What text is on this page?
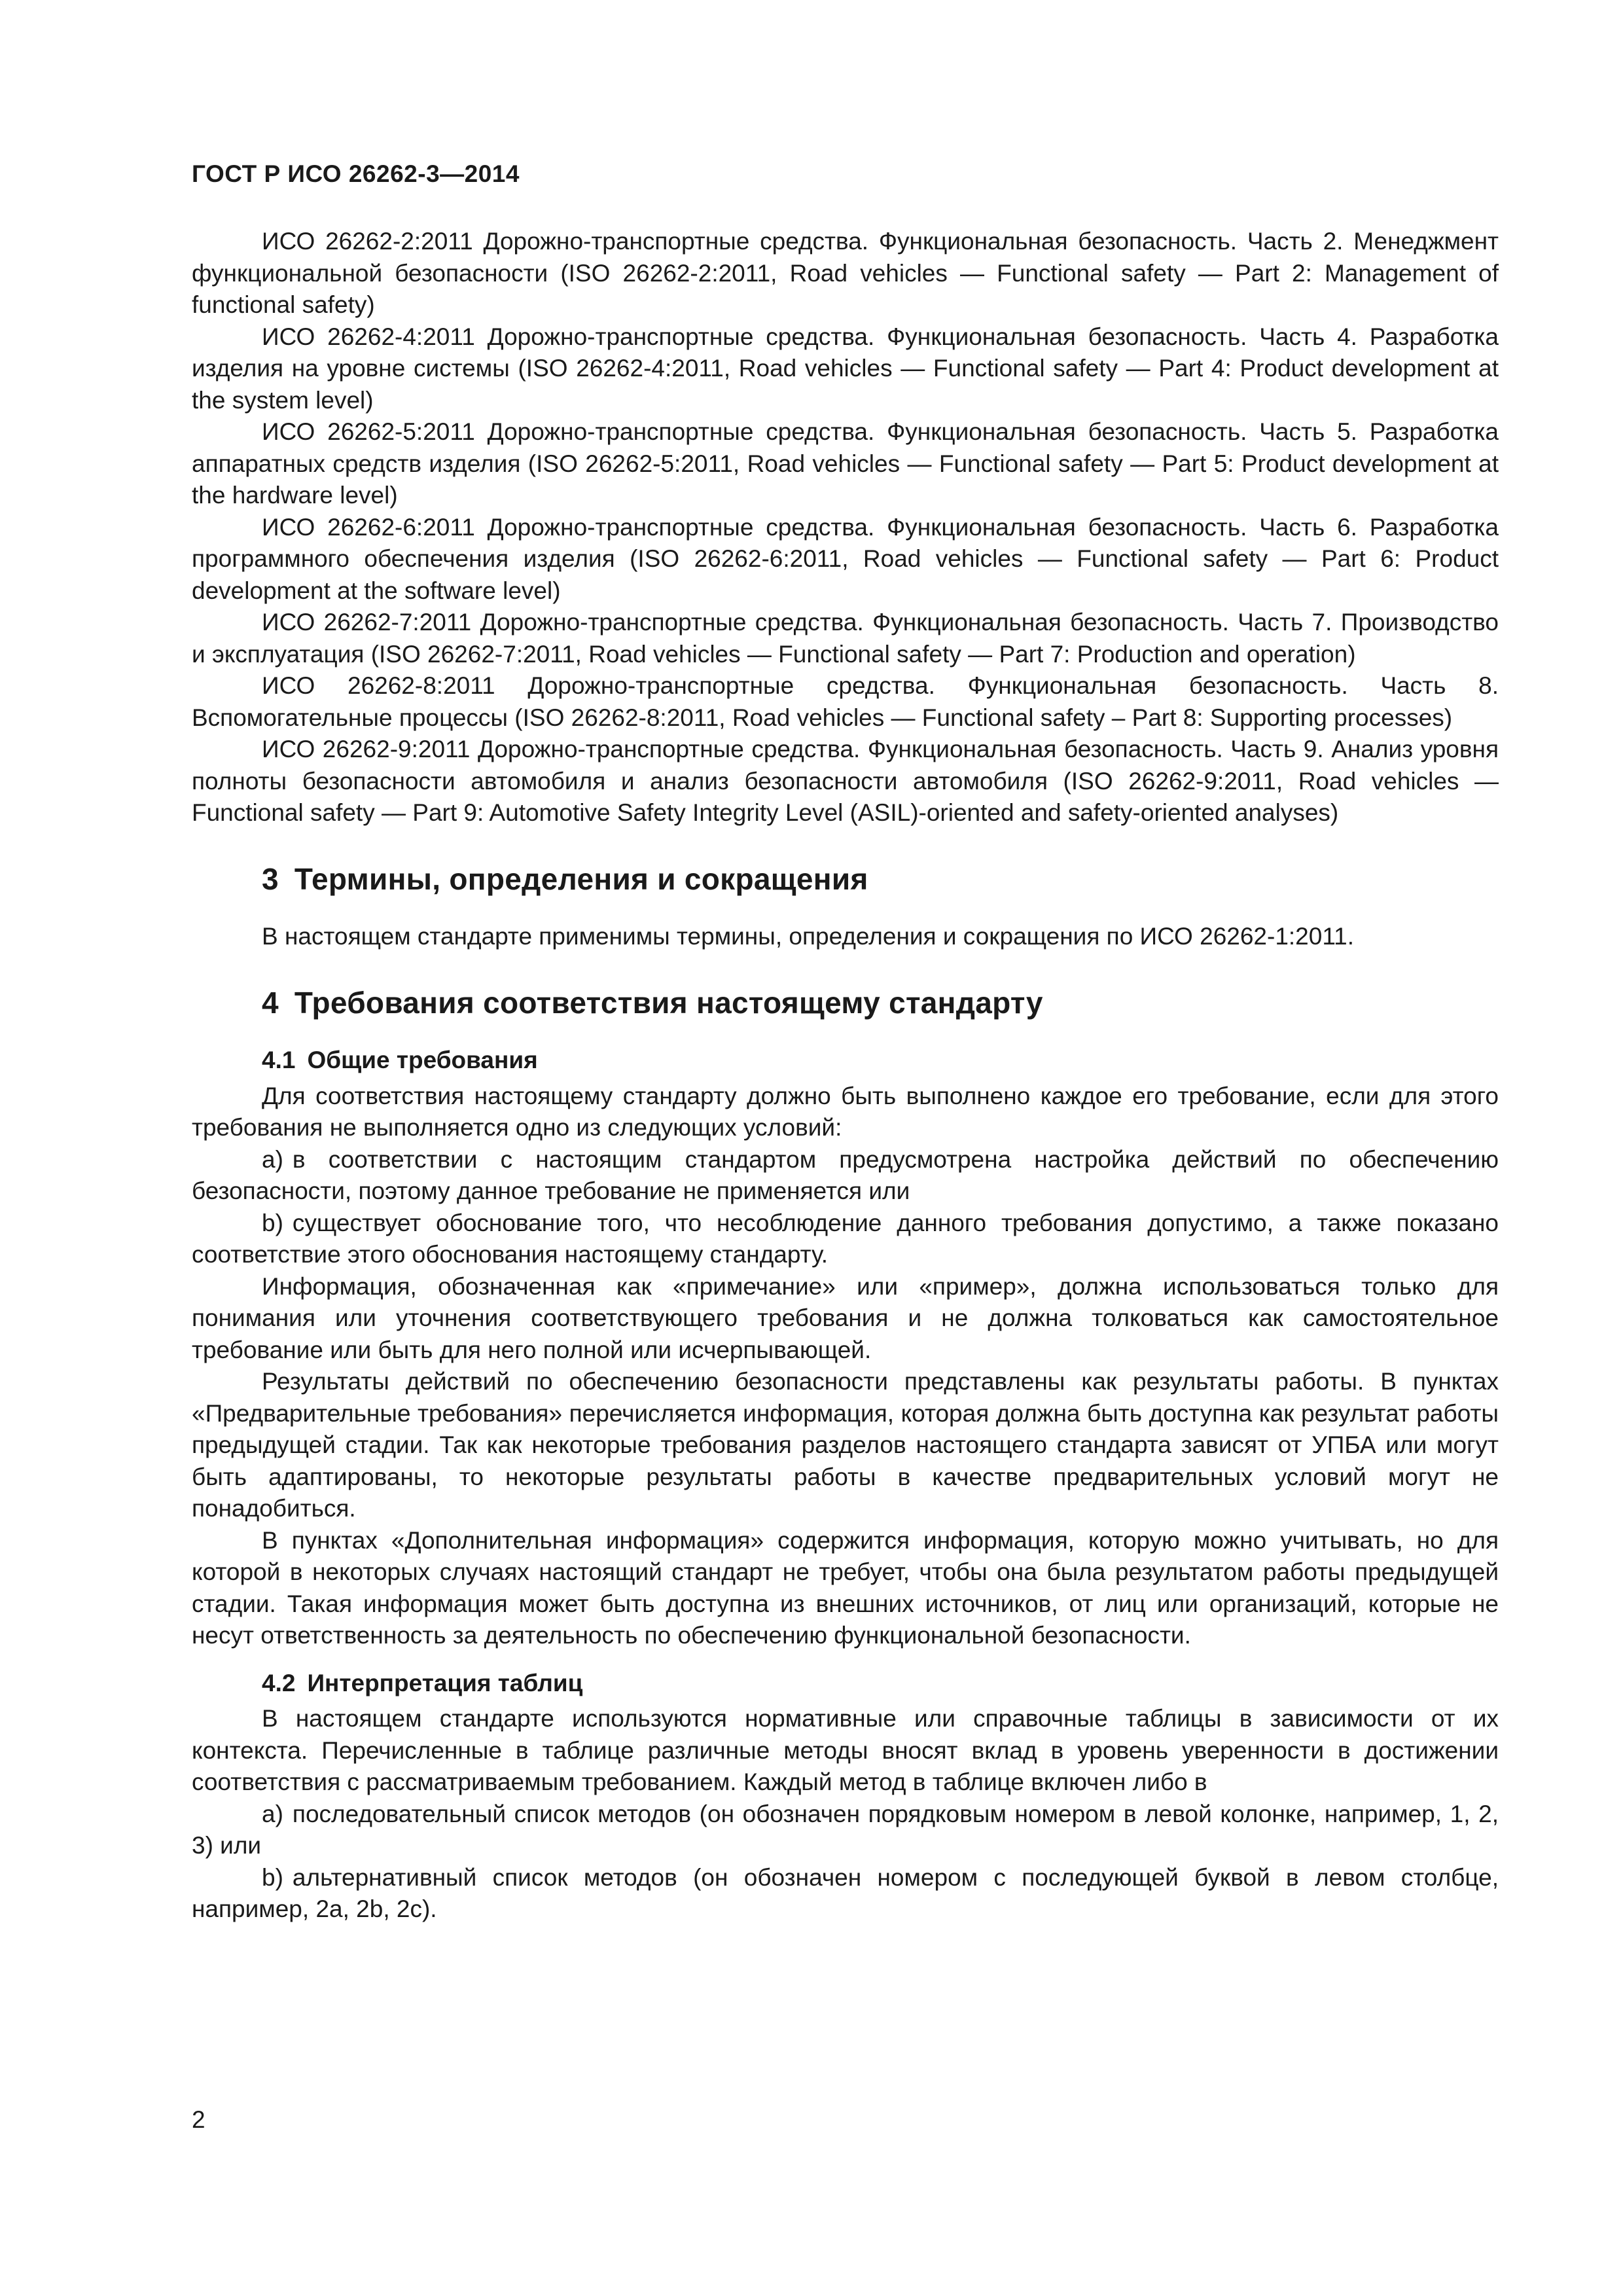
ГОСТ Р ИСО 26262-3—2014

ИСО 26262-2:2011 Дорожно-транспортные средства. Функциональная безопасность. Часть 2. Менеджмент функциональной безопасности (ISO 26262-2:2011, Road vehicles — Functional safety — Part 2: Management of functional safety)

ИСО 26262-4:2011 Дорожно-транспортные средства. Функциональная безопасность. Часть 4. Разработка изделия на уровне системы (ISO 26262-4:2011, Road vehicles — Functional safety — Part 4: Product development at the system level)

ИСО 26262-5:2011 Дорожно-транспортные средства. Функциональная безопасность. Часть 5. Разработка аппаратных средств изделия (ISO 26262-5:2011, Road vehicles — Functional safety — Part 5: Product development at the hardware level)

ИСО 26262-6:2011 Дорожно-транспортные средства. Функциональная безопасность. Часть 6. Разработка программного обеспечения изделия (ISO 26262-6:2011, Road vehicles — Functional safety — Part 6: Product development at the software level)

ИСО 26262-7:2011 Дорожно-транспортные средства. Функциональная безопасность. Часть 7. Производство и эксплуатация (ISO 26262-7:2011, Road vehicles — Functional safety — Part 7: Production and operation)

ИСО 26262-8:2011 Дорожно-транспортные средства. Функциональная безопасность. Часть 8. Вспомогательные процессы (ISO 26262-8:2011, Road vehicles — Functional safety – Part 8: Supporting processes)

ИСО 26262-9:2011 Дорожно-транспортные средства. Функциональная безопасность. Часть 9. Анализ уровня полноты безопасности автомобиля и анализ безопасности автомобиля (ISO 26262-9:2011, Road vehicles — Functional safety — Part 9: Automotive Safety Integrity Level (ASIL)-oriented and safety-oriented analyses)

3 Термины, определения и сокращения

В настоящем стандарте применимы термины, определения и сокращения по ИСО 26262-1:2011.

4 Требования соответствия настоящему стандарту
4.1 Общие требования

Для соответствия настоящему стандарту должно быть выполнено каждое его требование, если для этого требования не выполняется одно из следующих условий:

a) в соответствии с настоящим стандартом предусмотрена настройка действий по обеспечению безопасности, поэтому данное требование не применяется или

b) существует обоснование того, что несоблюдение данного требования допустимо, а также показано соответствие этого обоснования настоящему стандарту.

Информация, обозначенная как «примечание» или «пример», должна использоваться только для понимания или уточнения соответствующего требования и не должна толковаться как самостоятельное требование или быть для него полной или исчерпывающей.

Результаты действий по обеспечению безопасности представлены как результаты работы. В пунктах «Предварительные требования» перечисляется информация, которая должна быть доступна как результат работы предыдущей стадии. Так как некоторые требования разделов настоящего стандарта зависят от УПБА или могут быть адаптированы, то некоторые результаты работы в качестве предварительных условий могут не понадобиться.

В пунктах «Дополнительная информация» содержится информация, которую можно учитывать, но для которой в некоторых случаях настоящий стандарт не требует, чтобы она была результатом работы предыдущей стадии. Такая информация может быть доступна из внешних источников, от лиц или организаций, которые не несут ответственность за деятельность по обеспечению функциональной безопасности.

4.2 Интерпретация таблиц

В настоящем стандарте используются нормативные или справочные таблицы в зависимости от их контекста. Перечисленные в таблице различные методы вносят вклад в уровень уверенности в достижении соответствия с рассматриваемым требованием. Каждый метод в таблице включен либо в

a) последовательный список методов (он обозначен порядковым номером в левой колонке, например, 1, 2, 3) или

b) альтернативный список методов (он обозначен номером с последующей буквой в левом столбце, например, 2a, 2b, 2c).

2
